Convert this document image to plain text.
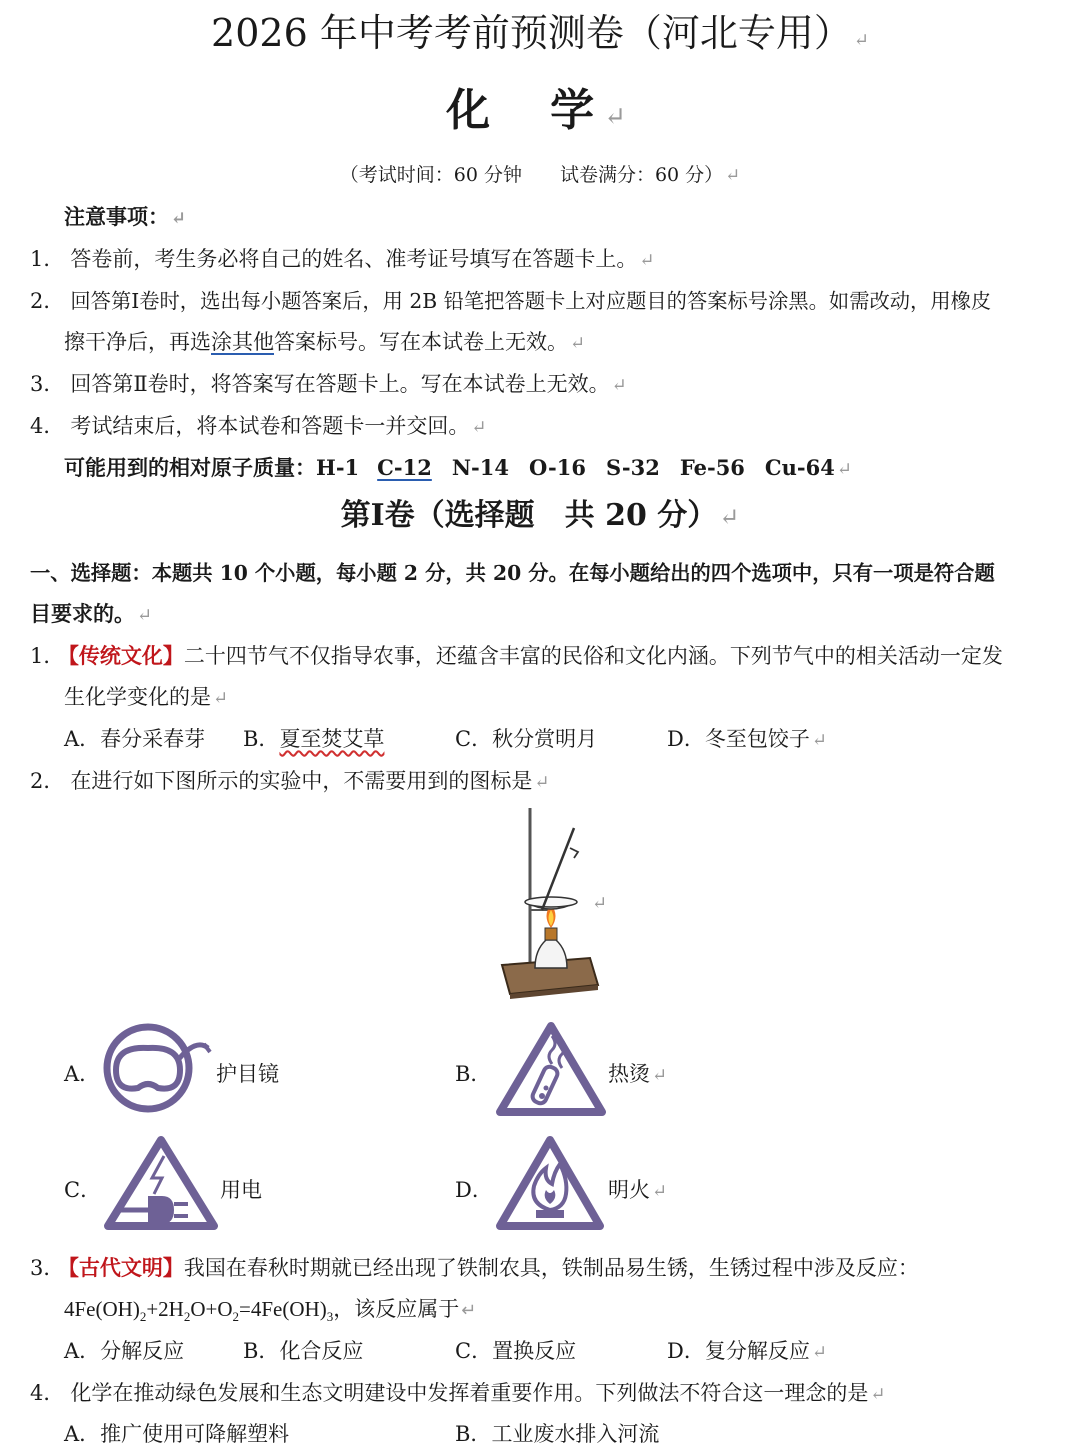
2026 年中考考前预测卷（河北专用） ↵
化　学↵
（考试时间：60 分钟　　试卷满分：60 分） ↵
注意事项： ↵
1． 答卷前，考生务必将自己的姓名、准考证号填写在答题卡上。 ↵
2． 回答第Ⅰ卷时，选出每小题答案后，用 2B 铅笔把答题卡上对应题目的答案标号涂黑。如需改动，用橡皮
擦干净后，再选涂其他答案标号。写在本试卷上无效。 ↵
3． 回答第Ⅱ卷时，将答案写在答题卡上。写在本试卷上无效。 ↵
4． 考试结束后，将本试卷和答题卡一并交回。 ↵
可能用到的相对原子质量：H-1 C-12 N-14 O-16 S-32 Fe-56 Cu-64 ↵
第Ⅰ卷（选择题　共 20 分）↵
一、选择题：本题共 10 个小题，每小题 2 分，共 20 分。在每小题给出的四个选项中，只有一项是符合题
目要求的。 ↵
1． 【传统文化】二十四节气不仅指导农事，还蕴含丰富的民俗和文化内涵。下列节气中的相关活动一定发
生化学变化的是 ↵
A．春分采春芽 B．夏至焚艾草	C．秋分赏明月	D．冬至包饺子 ↵
2． 在进行如下图所示的实验中，不需要用到的图标是 ↵
↵
A．	护目镜	B．	热烫 ↵
C．	用电	D．	明火 ↵
3． 【古代文明】我国在春秋时期就已经出现了铁制农具，铁制品易生锈，生锈过程中涉及反应：
$4Fe(OH)_2+2H_2O+O_2=4Fe(OH)_3$，该反应属于 ↵
A．分解反应	B．化合反应	C．置换反应	D．复分解反应 ↵
4． 化学在推动绿色发展和生态文明建设中发挥着重要作用。下列做法不符合这一理念的是 ↵
A．推广使用可降解塑料	B．工业废水排入河流
